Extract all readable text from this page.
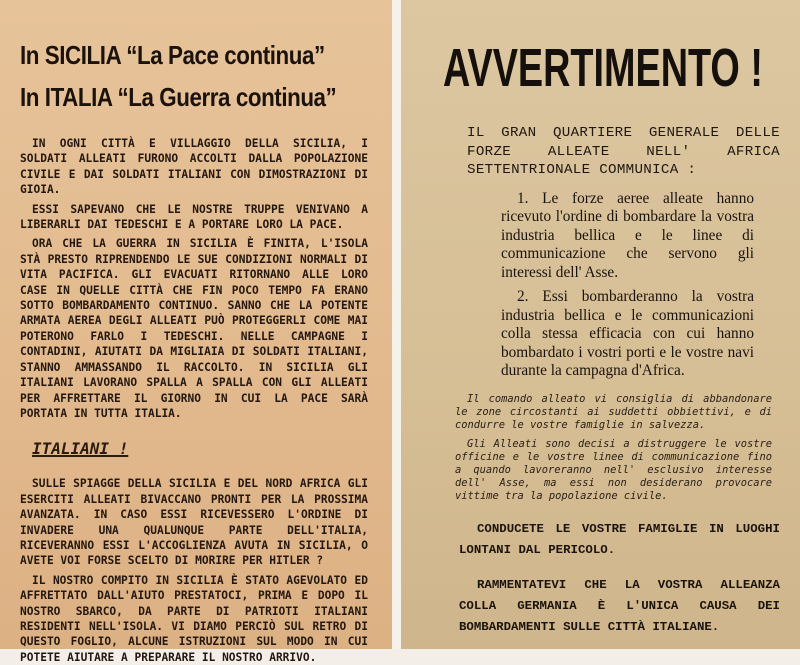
In SICILIA “La Pace continua”
In ITALIA “La Guerra continua”

IN OGNI CITTÀ E VILLAGGIO DELLA SICILIA, I SOLDATI ALLEATI FURONO ACCOLTI DALLA POPOLAZIONE CIVILE E DAI SOLDATI ITALIANI CON DIMOSTRAZIONI DI GIOIA.

ESSI SAPEVANO CHE LE NOSTRE TRUPPE VENIVANO A LIBERARLI DAI TEDESCHI E A PORTARE LORO LA PACE.

ORA CHE LA GUERRA IN SICILIA È FINITA, L'ISOLA STÀ PRESTO RIPRENDENDO LE SUE CONDIZIONI NORMALI DI VITA PACIFICA. GLI EVACUATI RITORNANO ALLE LORO CASE IN QUELLE CITTÀ CHE FIN POCO TEMPO FA ERANO SOTTO BOMBARDAMENTO CONTINUO. SANNO CHE LA POTENTE ARMATA AEREA DEGLI ALLEATI PUÒ PROTEGGERLI COME MAI POTERONO FARLO I TEDESCHI. NELLE CAMPAGNE I CONTADINI, AIUTATI DA MIGLIAIA DI SOLDATI ITALIANI, STANNO AMMASSANDO IL RACCOLTO. IN SICILIA GLI ITALIANI LAVORANO SPALLA A SPALLA CON GLI ALLEATI PER AFFRETTARE IL GIORNO IN CUI LA PACE SARÀ PORTATA IN TUTTA ITALIA.

ITALIANI !

SULLE SPIAGGE DELLA SICILIA E DEL NORD AFRICA GLI ESERCITI ALLEATI BIVACCANO PRONTI PER LA PROSSIMA AVANZATA. IN CASO ESSI RICEVESSERO L'ORDINE DI INVADERE UNA QUALUNQUE PARTE DELL'ITALIA, RICEVERANNO ESSI L'ACCOGLIENZA AVUTA IN SICILIA, O AVETE VOI FORSE SCELTO DI MORIRE PER HITLER ?

IL NOSTRO COMPITO IN SICILIA È STATO AGEVOLATO ED AFFRETTATO DALL'AIUTO PRESTATOCI, PRIMA E DOPO IL NOSTRO SBARCO, DA PARTE DI PATRIOTI ITALIANI RESIDENTI NELL'ISOLA. VI DIAMO PERCIÒ SUL RETRO DI QUESTO FOGLIO, ALCUNE ISTRUZIONI SUL MODO IN CUI POTETE AIUTARE A PREPARARE IL NOSTRO ARRIVO.

AVVERTIMENTO !
IL GRAN QUARTIERE GENERALE DELLE FORZE ALLEATE NELL' AFRICA SETTENTRIONALE COMMUNICA :

1. Le forze aeree alleate hanno ricevuto l'ordine di bombardare la vostra industria bellica e le linee di communicazione che servono gli interessi dell' Asse.

2. Essi bombarderanno la vostra industria bellica e le communicazioni colla stessa efficacia con cui hanno bombardato i vostri porti e le vostre navi durante la campagna d'Africa.

Il comando alleato vi consiglia di abbandonare le zone circostanti ai suddetti obbiettivi, e di condurre le vostre famiglie in salvezza.

Gli Alleati sono decisi a distruggere le vostre officine e le vostre linee di communicazione fino a quando lavoreranno nell' esclusivo interesse dell' Asse, ma essi non desiderano provocare vittime tra la popolazione civile.

CONDUCETE LE VOSTRE FAMIGLIE IN LUOGHI LONTANI DAL PERICOLO.

RAMMENTATEVI CHE LA VOSTRA ALLEANZA COLLA GERMANIA È L'UNICA CAUSA DEI BOMBARDAMENTI SULLE CITTÀ ITALIANE.
